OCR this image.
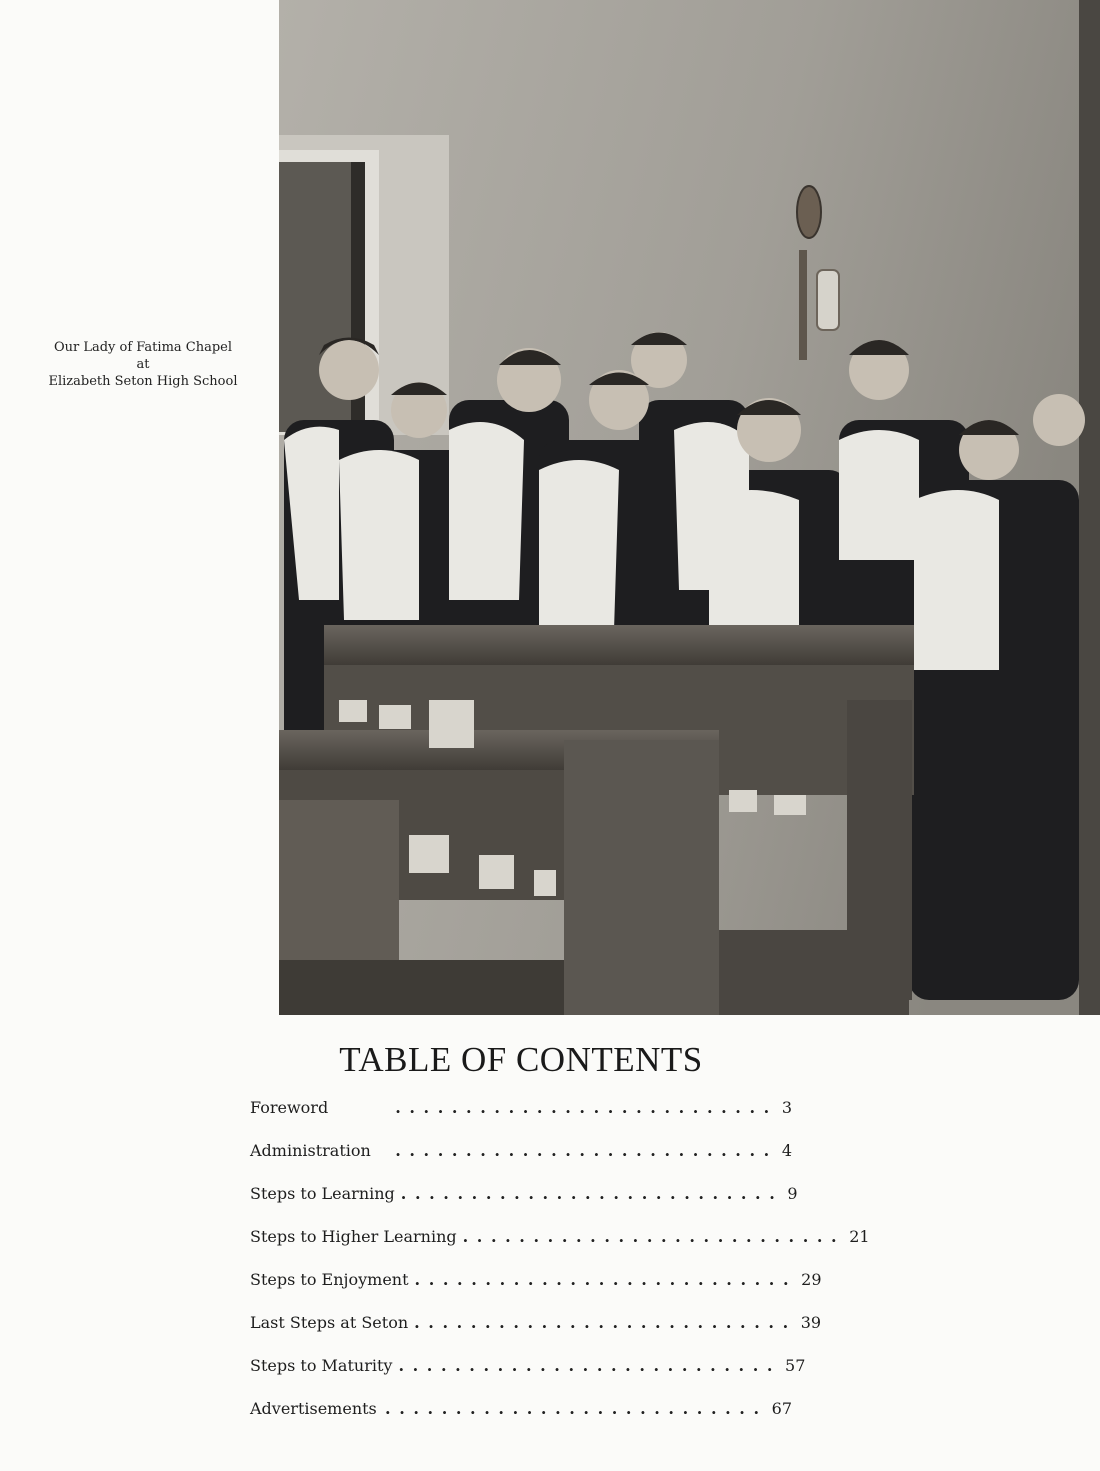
Our Lady of Fatima Chapel
at
Elizabeth Seton High School
TABLE OF CONTENTS
Foreword	........................... 3
Administration	........................... 4
Steps to Learning ........................... 9
Steps to Higher Learning ........................... 21
Steps to Enjoyment ........................... 29
Last Steps at Seton ........................... 39
Steps to Maturity ........................... 57
Advertisements ........................... 67
